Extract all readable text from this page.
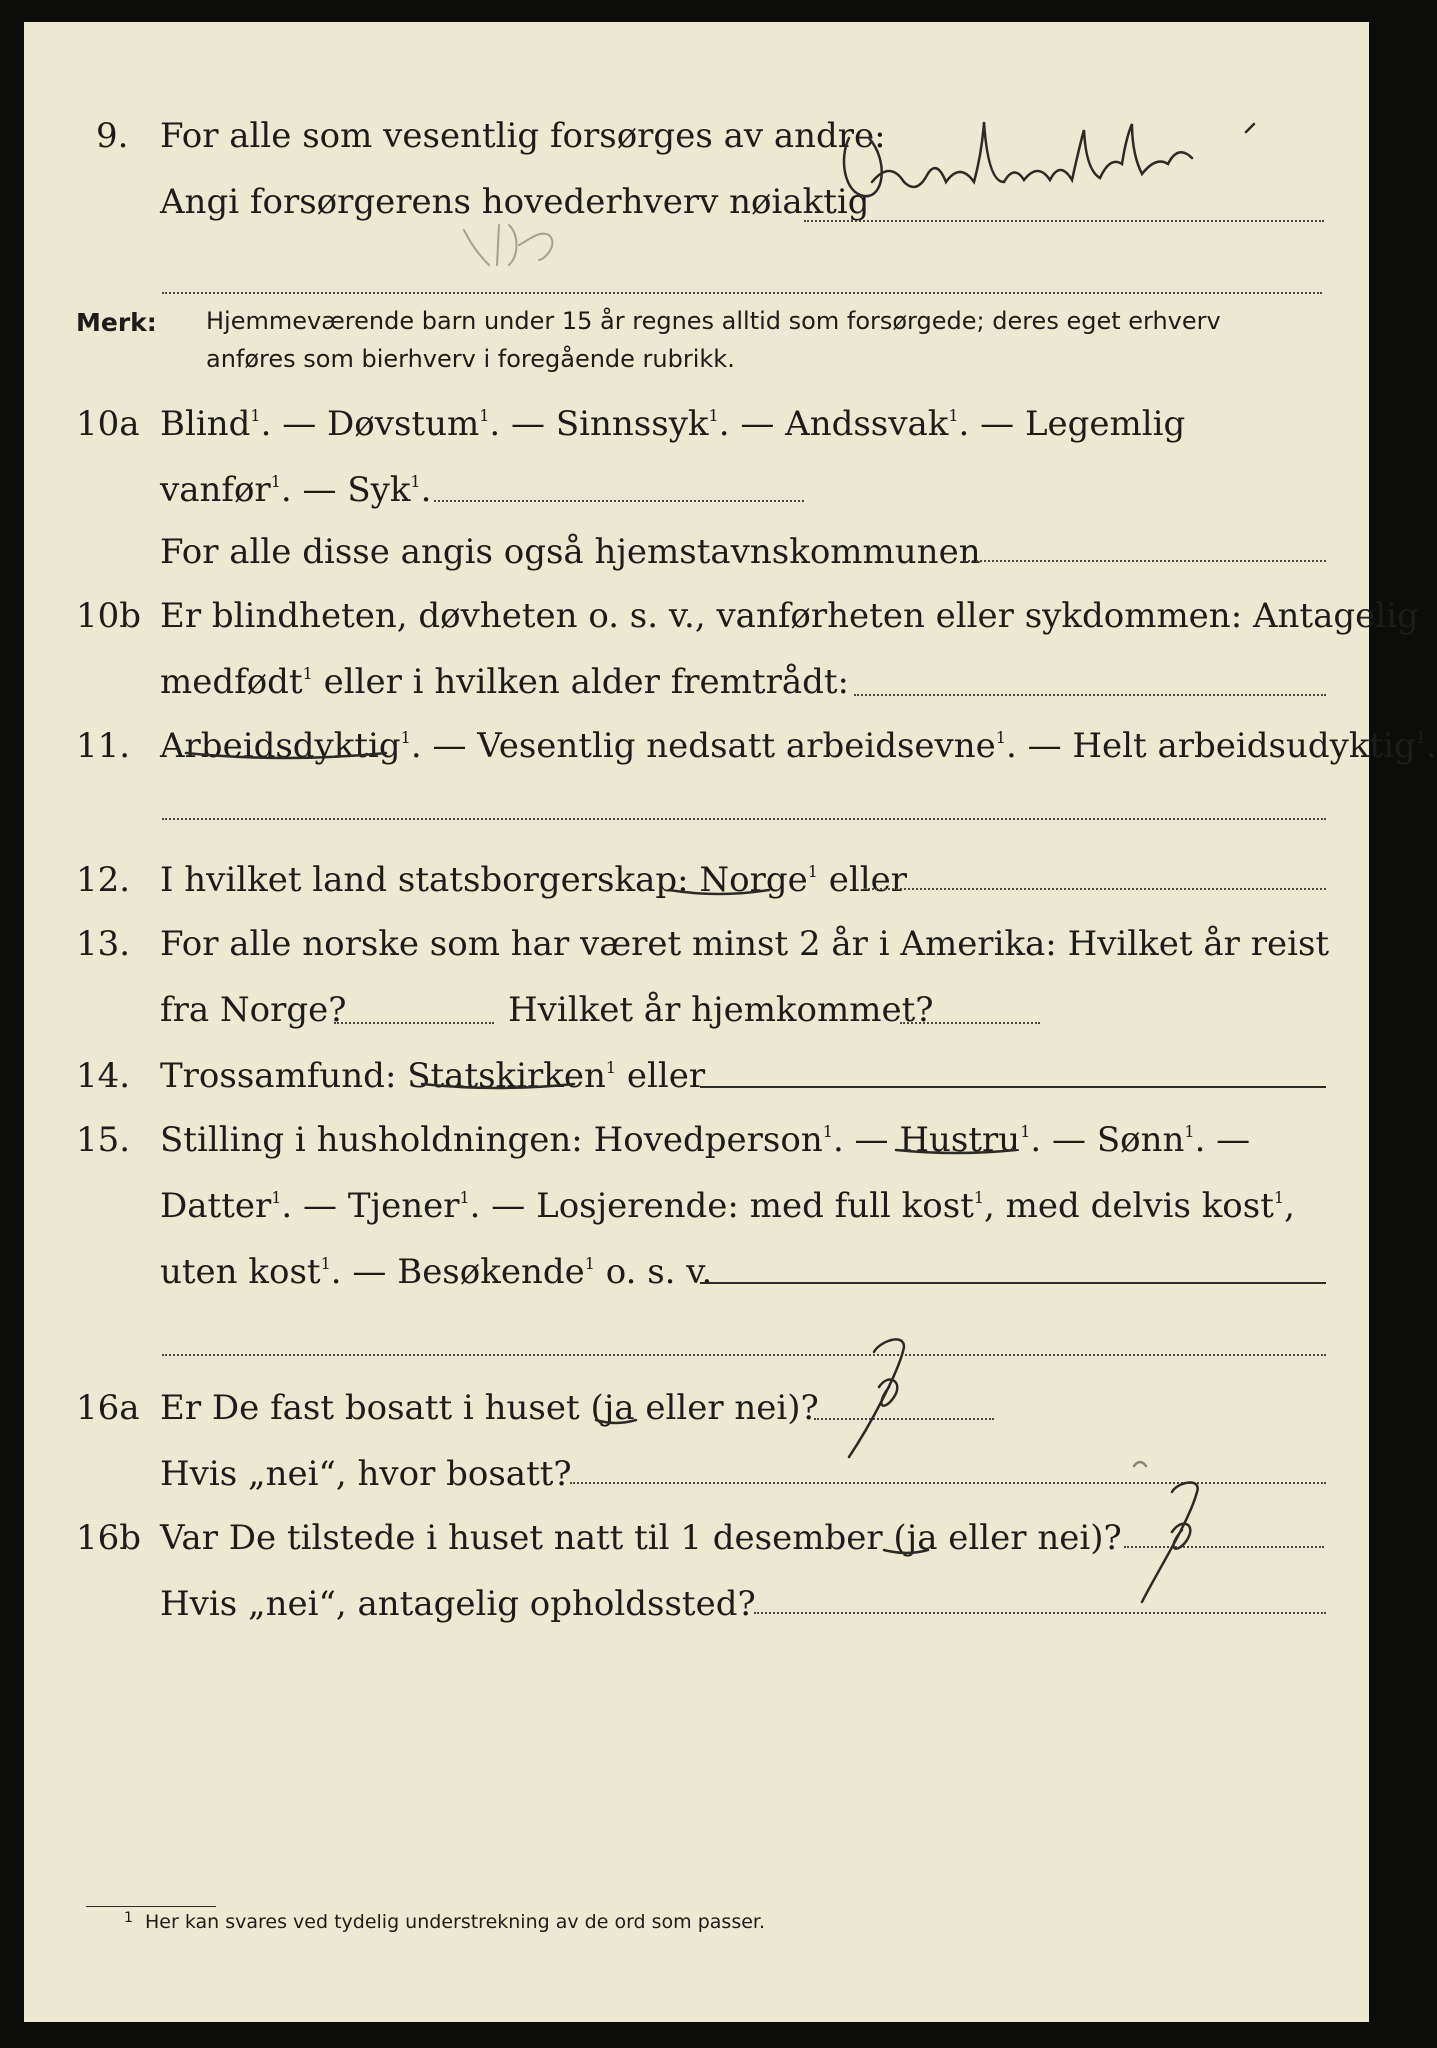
9. For alle som vesentlig forsørges av andre:
Angi forsørgerens hovederhverv nøiaktig
Merk: Hjemmeværende barn under 15 år regnes alltid som forsørgede; deres eget erhverv
anføres som bierhverv i foregående rubrikk.
10a Blind$^1$. — Døvstum$^1$. — Sinnssyk$^1$. — Andssvak$^1$. — Legemlig
vanfør$^1$. — Syk$^1$.
For alle disse angis også hjemstavnskommunen
10b Er blindheten, døvheten o. s. v., vanførheten eller sykdommen: Antagelig
medfødt$^1$ eller i hvilken alder fremtrådt:
11. Arbeidsdyktig$^1$. — Vesentlig nedsatt arbeidsevne$^1$. — Helt arbeidsudyktig$^1$.
12. I hvilket land statsborgerskap: Norge$^1$ eller
13. For alle norske som har været minst 2 år i Amerika: Hvilket år reist
fra Norge?	Hvilket år hjemkommet?
14. Trossamfund: Statskirken$^1$ eller
15. Stilling i husholdningen: Hovedperson$^1$. — Hustru$^1$. — Sønn$^1$. —
Datter$^1$. — Tjener$^1$. — Losjerende: med full kost$^1$, med delvis kost$^1$,
uten kost$^1$. — Besøkende$^1$ o. s. v.
16a Er De fast bosatt i huset (ja eller nei)?
Hvis „nei“, hvor bosatt?
16b Var De tilstede i huset natt til 1 desember (ja eller nei)?
Hvis „nei“, antagelig opholdssted?
$^1$ Her kan svares ved tydelig understrekning av de ord som passer.
